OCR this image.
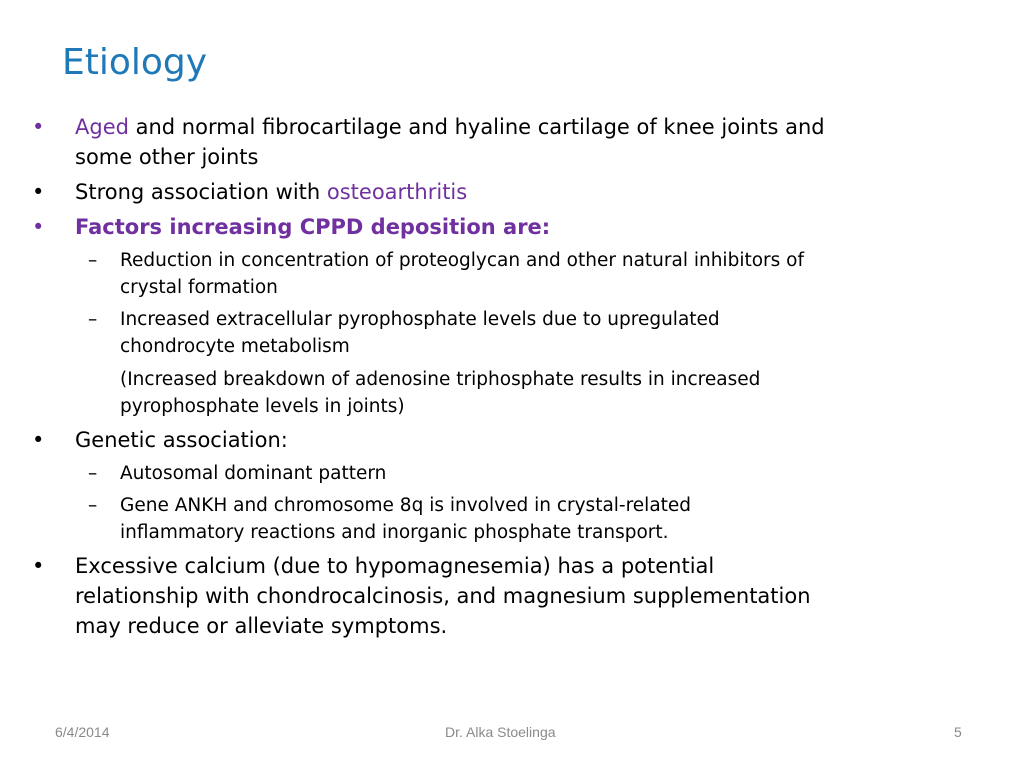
Etiology
• Aged and normal fibrocartilage and hyaline cartilage of knee joints and
some other joints
• Strong association with osteoarthritis
• Factors increasing CPPD deposition are:
– Reduction in concentration of proteoglycan and other natural inhibitors of
crystal formation
– Increased extracellular pyrophosphate levels due to upregulated
chondrocyte metabolism
(Increased breakdown of adenosine triphosphate results in increased
pyrophosphate levels in joints)
• Genetic association:
– Autosomal dominant pattern
– Gene ANKH and chromosome 8q is involved in crystal-related
inflammatory reactions and inorganic phosphate transport.
• Excessive calcium (due to hypomagnesemia) has a potential
relationship with chondrocalcinosis, and magnesium supplementation
may reduce or alleviate symptoms.
6/4/2014	Dr. Alka Stoelinga	5
